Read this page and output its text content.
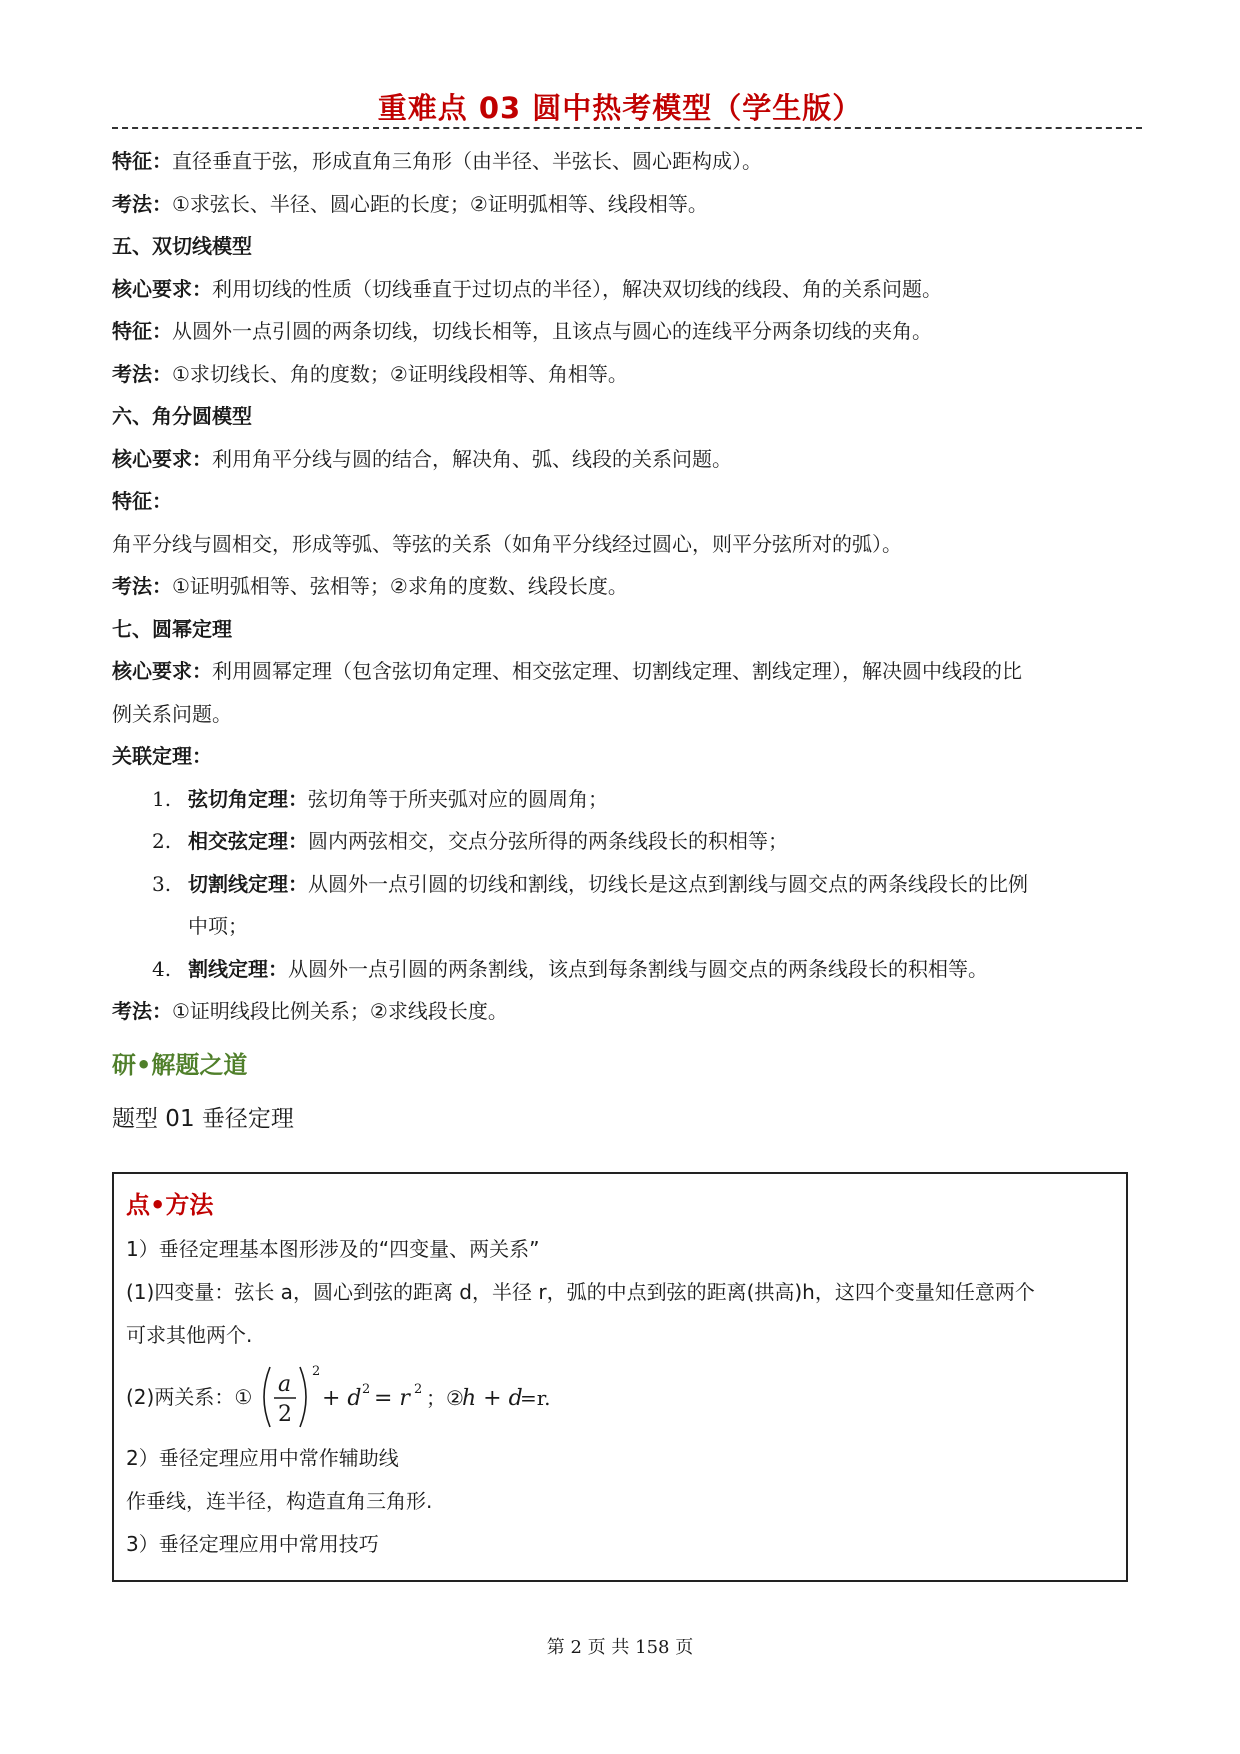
重难点 03 圆中热考模型（学生版）
特征：直径垂直于弦，形成直角三角形（由半径、半弦长、圆心距构成）。
考法：①求弦长、半径、圆心距的长度；②证明弧相等、线段相等。
五、双切线模型
核心要求：利用切线的性质（切线垂直于过切点的半径），解决双切线的线段、角的关系问题。
特征：从圆外一点引圆的两条切线，切线长相等，且该点与圆心的连线平分两条切线的夹角。
考法：①求切线长、角的度数；②证明线段相等、角相等。
六、角分圆模型
核心要求：利用角平分线与圆的结合，解决角、弧、线段的关系问题。
特征：
角平分线与圆相交，形成等弧、等弦的关系（如角平分线经过圆心，则平分弦所对的弧）。
考法：①证明弧相等、弦相等；②求角的度数、线段长度。
七、圆幂定理
核心要求：利用圆幂定理（包含弦切角定理、相交弦定理、切割线定理、割线定理），解决圆中线段的比
例关系问题。
关联定理：
1. 弦切角定理：弦切角等于所夹弧对应的圆周角；
2. 相交弦定理：圆内两弦相交，交点分弦所得的两条线段长的积相等；
3. 切割线定理：从圆外一点引圆的切线和割线，切线长是这点到割线与圆交点的两条线段长的比例
中项；
4. 割线定理：从圆外一点引圆的两条割线，该点到每条割线与圆交点的两条线段长的积相等。
考法：①证明线段比例关系；②求线段长度。
研•解题之道
题型 01 垂径定理
点•方法
1）垂径定理基本图形涉及的“四变量、两关系”
(1)四变量：弦长 a，圆心到弦的距离 d，半径 r，弧的中点到弦的距离(拱高)h，这四个变量知任意两个
可求其他两个.
(2)两关系：① a
2
2
+ d 2 = r 2 ；②
h + d
=r.
2）垂径定理应用中常作辅助线
作垂线，连半径，构造直角三角形.
3）垂径定理应用中常用技巧
第 2 页 共 158 页
